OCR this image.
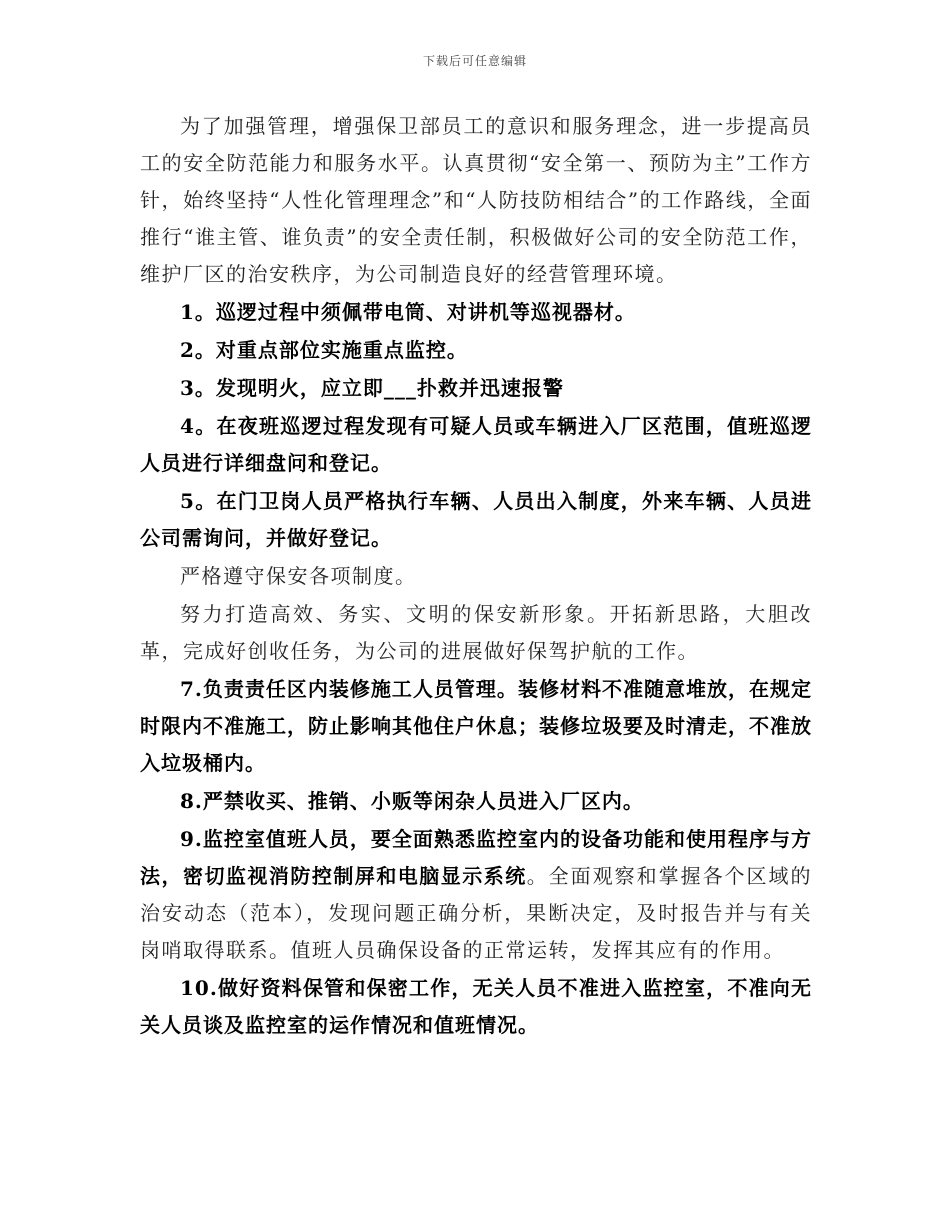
下载后可任意编辑

为了加强管理，增强保卫部员工的意识和服务理念，进一步提高员工的安全防范能力和服务水平。认真贯彻“安全第一、预防为主”工作方针，始终坚持“人性化管理理念”和“人防技防相结合”的工作路线，全面推行“谁主管、谁负责”的安全责任制，积极做好公司的安全防范工作，维护厂区的治安秩序，为公司制造良好的经营管理环境。

1。巡逻过程中须佩带电筒、对讲机等巡视器材。

2。对重点部位实施重点监控。

3。发现明火，应立即___扑救并迅速报警

4。在夜班巡逻过程发现有可疑人员或车辆进入厂区范围，值班巡逻人员进行详细盘问和登记。

5。在门卫岗人员严格执行车辆、人员出入制度，外来车辆、人员进公司需询问，并做好登记。

严格遵守保安各项制度。

努力打造高效、务实、文明的保安新形象。开拓新思路，大胆改革，完成好创收任务，为公司的进展做好保驾护航的工作。

7.负责责任区内装修施工人员管理。装修材料不准随意堆放，在规定时限内不准施工，防止影响其他住户休息；装修垃圾要及时清走，不准放入垃圾桶内。

8.严禁收买、推销、小贩等闲杂人员进入厂区内。

9.监控室值班人员，要全面熟悉监控室内的设备功能和使用程序与方法，密切监视消防控制屏和电脑显示系统。全面观察和掌握各个区域的治安动态（范本），发现问题正确分析，果断决定，及时报告并与有关岗哨取得联系。值班人员确保设备的正常运转，发挥其应有的作用。

10.做好资料保管和保密工作，无关人员不准进入监控室，不准向无关人员谈及监控室的运作情况和值班情况。
